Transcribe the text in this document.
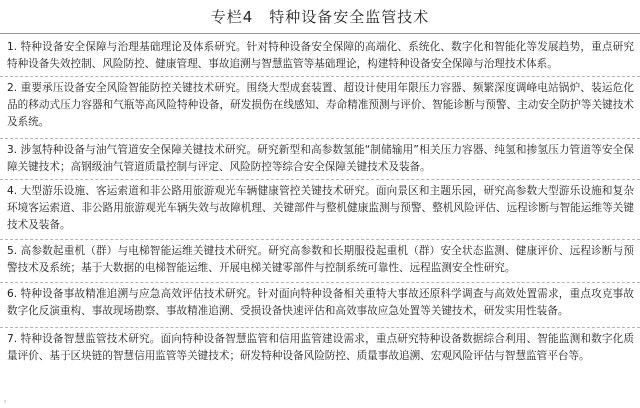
专栏4　特种设备安全监管技术
1. 特种设备安全保障与治理基础理论及体系研究。针对特种设备安全保障的高端化、系统化、数字化和智能化等发展趋势，重点研究特种设备失效控制、风险防控、健康管理、事故追溯与智慧监管等基础理论，构建特种设备安全保障与治理技术体系。
2. 重要承压设备安全风险智能防控关键技术研究。围绕大型成套装置、超设计使用年限压力容器、频繁深度调峰电站锅炉、装运危化品的移动式压力容器和气瓶等高风险特种设备，研发损伤在线感知、寿命精准预测与评价、智能诊断与预警、主动安全防护等关键技术及系统。
3. 涉氢特种设备与油气管道安全保障关键技术研究。研究新型和高参数氢能“制储输用”相关压力容器、纯氢和掺氢压力管道等安全保障关键技术；高钢级油气管道质量控制与评定、风险防控等综合安全保障关键技术及装备。
4. 大型游乐设施、客运索道和非公路用旅游观光车辆健康管控关键技术研究。面向景区和主题乐园，研究高参数大型游乐设施和复杂环境客运索道、非公路用旅游观光车辆失效与故障机理、关键部件与整机健康监测与预警、整机风险评估、远程诊断与智能运维等关键技术及装备。
5. 高参数起重机（群）与电梯智能运维关键技术研究。研究高参数和长期服役起重机（群）安全状态监测、健康评价、远程诊断与预警技术及系统；基于大数据的电梯智能运维、开展电梯关键零部件与控制系统可靠性、远程监测安全性研究。
6. 特种设备事故精准追溯与应急高效评估技术研究。针对面向特种设备相关重特大事故还原科学调查与高效处置需求，重点攻克事故数字化反演重构、事故现场勘察、事故精准追溯、受损设备快速评估和高效事故应急处置等关键技术，研发实用性装备。
7. 特种设备智慧监管技术研究。面向特种设备智慧监管和信用监管建设需求，重点研究特种设备数据综合利用、智能监测和数字化质量评价、基于区块链的智慧信用监管等关键技术；研发特种设备风险防控、质量事故追溯、宏观风险评估与智慧监管平台等。
◦
